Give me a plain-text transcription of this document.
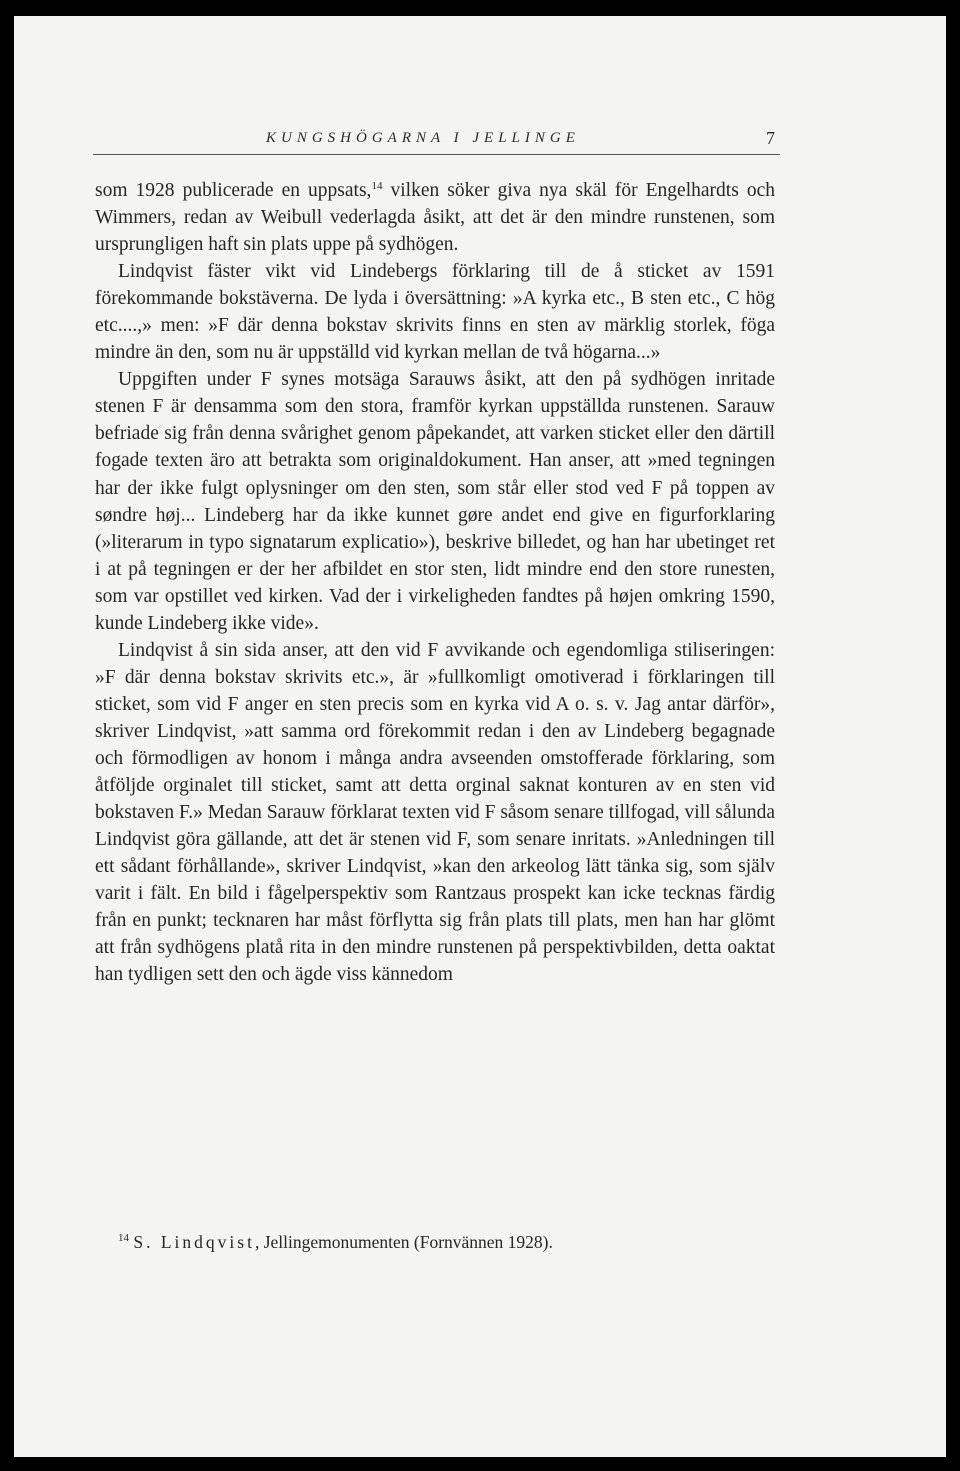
KUNGSHÖGARNA I JELLINGE	7

som 1928 publicerade en uppsats,$^{14}$ vilken söker giva nya skäl för Engelhardts och Wimmers, redan av Weibull vederlagda åsikt, att det är den mindre runstenen, som ursprungligen haft sin plats uppe på sydhögen.

Lindqvist fäster vikt vid Lindebergs förklaring till de å sticket av 1591 förekommande bokstäverna. De lyda i översättning: »A kyrka etc., B sten etc., C hög etc....,» men: »F där denna bokstav skrivits finns en sten av märklig storlek, föga mindre än den, som nu är uppställd vid kyrkan mellan de två högarna...»

Uppgiften under F synes motsäga Sarauws åsikt, att den på sydhögen inritade stenen F är densamma som den stora, framför kyrkan uppställda runstenen. Sarauw befriade sig från denna svårighet genom påpekandet, att varken sticket eller den därtill fogade texten äro att betrakta som originaldokument. Han anser, att »med tegningen har der ikke fulgt oplysninger om den sten, som står eller stod ved F på toppen av søndre høj... Lindeberg har da ikke kunnet gøre andet end give en figurforklaring (»literarum in typo signatarum explicatio»), beskrive billedet, og han har ubetinget ret i at på tegningen er der her afbildet en stor sten, lidt mindre end den store runesten, som var opstillet ved kirken. Vad der i virkeligheden fandtes på højen omkring 1590, kunde Lindeberg ikke vide».

Lindqvist å sin sida anser, att den vid F avvikande och egendomliga stiliseringen: »F där denna bokstav skrivits etc.», är »fullkomligt omotiverad i förklaringen till sticket, som vid F anger en sten precis som en kyrka vid A o. s. v. Jag antar därför», skriver Lindqvist, »att samma ord förekommit redan i den av Lindeberg begagnade och förmodligen av honom i många andra avseenden omstofferade förklaring, som åtföljde orginalet till sticket, samt att detta orginal saknat konturen av en sten vid bokstaven F.» Medan Sarauw förklarat texten vid F såsom senare tillfogad, vill sålunda Lindqvist göra gällande, att det är stenen vid F, som senare inritats. »Anledningen till ett sådant förhållande», skriver Lindqvist, »kan den arkeolog lätt tänka sig, som själv varit i fält. En bild i fågelperspektiv som Rantzaus prospekt kan icke tecknas färdig från en punkt; tecknaren har måst förflytta sig från plats till plats, men han har glömt att från sydhögens platå rita in den mindre runstenen på perspektivbilden, detta oaktat han tydligen sett den och ägde viss kännedom

$^{14}$ S. Lindqvist, Jellingemonumenten (Fornvännen 1928).
